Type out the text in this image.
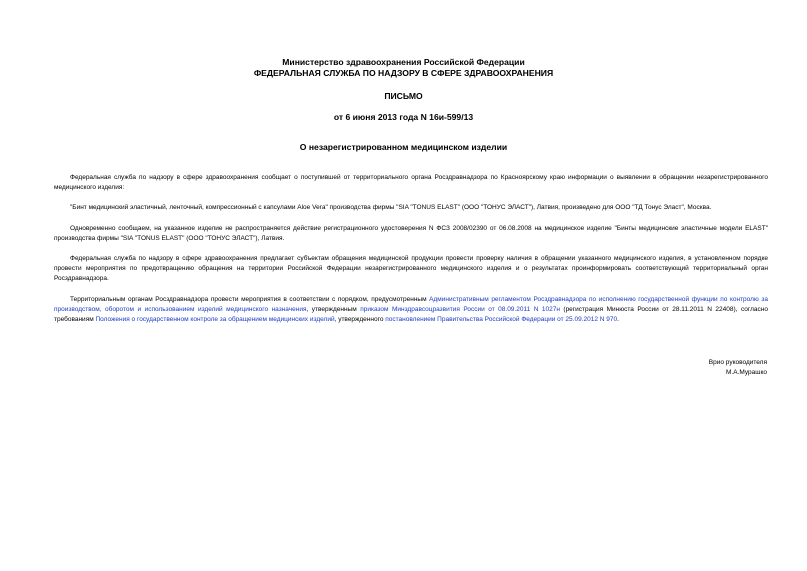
Министерство здравоохранения Российской Федерации
ФЕДЕРАЛЬНАЯ СЛУЖБА ПО НАДЗОРУ В СФЕРЕ ЗДРАВООХРАНЕНИЯ
ПИСЬМО
от 6 июня 2013 года N 16и-599/13
О незарегистрированном медицинском изделии
Федеральная служба по надзору в сфере здравоохранения сообщает о поступившей от территориального органа Росздравнадзора по Красноярскому краю информации о выявлении в обращении незарегистрированного медицинского изделия:
"Бинт медицинский эластичный, ленточный, компрессионный с капсулами Aloe Vera" производства фирмы "SIA "TONUS ELAST" (ООО "ТОНУС ЭЛАСТ"), Латвия, произведено для ООО "ТД Тонус Эласт", Москва.
Одновременно сообщаем, на указанное изделие не распространяется действие регистрационного удостоверения N ФСЗ 2008/02390 от 06.08.2008 на медицинское изделие "Бинты медицинские эластичные модели ELAST" производства фирмы "SIA "TONUS ELAST" (ООО "ТОНУС ЭЛАСТ"), Латвия.
Федеральная служба по надзору в сфере здравоохранения предлагает субъектам обращения медицинской продукции провести проверку наличия в обращении указанного медицинского изделия, в установленном порядке провести мероприятия по предотвращению обращения на территории Российской Федерации незарегистрированного медицинского изделия и о результатах проинформировать соответствующий территориальный орган Росздравнадзора.
Территориальным органам Росздравнадзора провести мероприятия в соответствии с порядком, предусмотренным Административным регламентом Росздравнадзора по исполнению государственной функции по контролю за производством, оборотом и использованием изделий медицинского назначения, утвержденным приказом Минздравсоцразвития России от 08.09.2011 N 1027н (регистрация Минюста России от 28.11.2011 N 22408), согласно требованиям Положения о государственном контроле за обращением медицинских изделий, утвержденного постановлением Правительства Российской Федерации от 25.09.2012 N 970.
Врио руководителя
М.А.Мурашко
